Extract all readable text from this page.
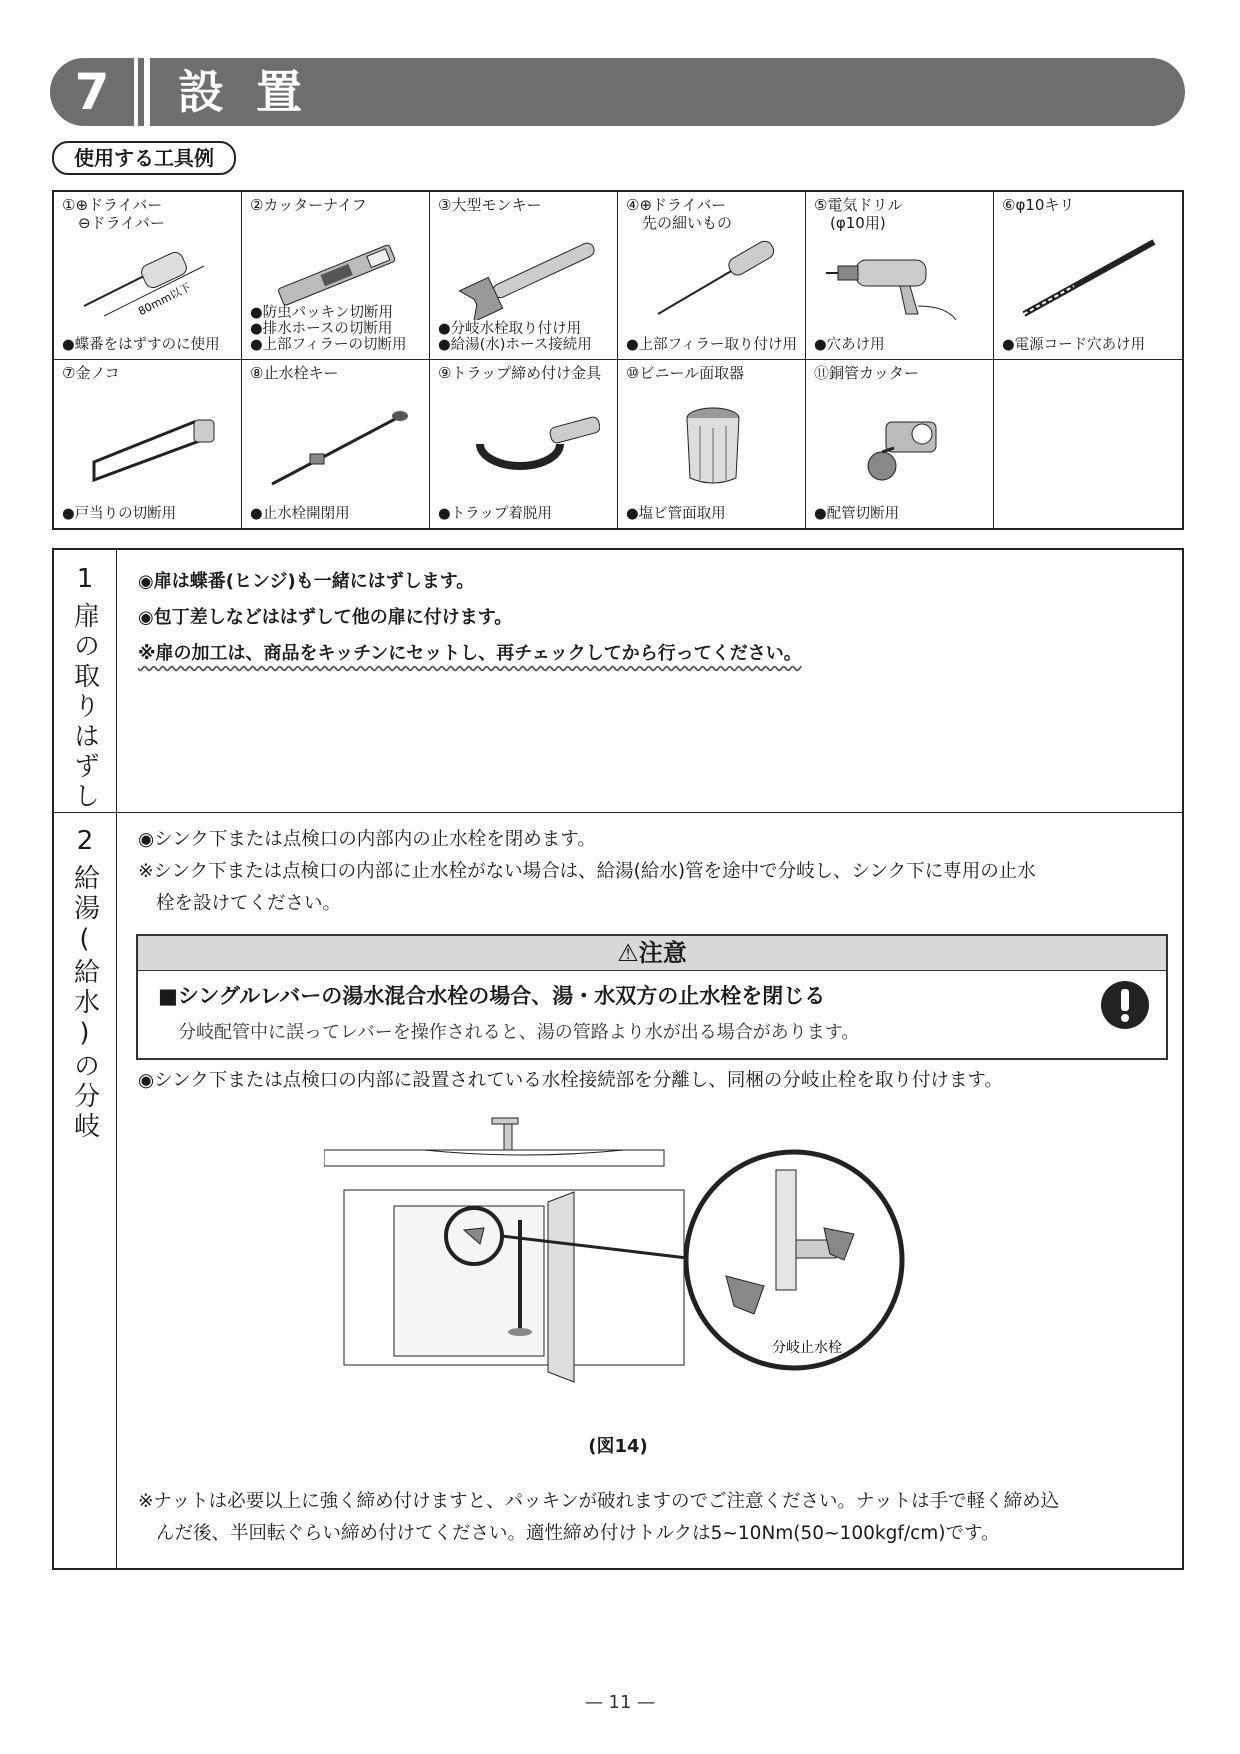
7	設置
使用する工具例
①⊕ドライバー
⊖ドライバー
80mm以下
●蝶番をはずすのに使用
②カッターナイフ
●防虫パッキン切断用
●排水ホースの切断用
●上部フィラーの切断用
③大型モンキー
●分岐水栓取り付け用
●給湯(水)ホース接続用
④⊕ドライバー
先の細いもの
●上部フィラー取り付け用
⑤電気ドリル
(φ10用)
●穴あけ用
⑥φ10キリ
●電源コード穴あけ用
⑦金ノコ
●戸当りの切断用
⑧止水栓キー
●止水栓開閉用
⑨トラップ締め付け金具
●トラップ着脱用
⑩ビニール面取器
●塩ビ管面取用
⑪銅管カッター
●配管切断用
1
扉の取りはずし
◉扉は蝶番(ヒンジ)も一緒にはずします。
◉包丁差しなどははずして他の扉に付けます。
※扉の加工は、商品をキッチンにセットし、再チェックしてから行ってください。
2
給湯(給水)の分岐
◉シンク下または点検口の内部内の止水栓を閉めます。
※シンク下または点検口の内部に止水栓がない場合は、給湯(給水)管を途中で分岐し、シンク下に専用の止水
栓を設けてください。
⚠注意
■シングルレバーの湯水混合水栓の場合、湯・水双方の止水栓を閉じる
分岐配管中に誤ってレバーを操作されると、湯の管路より水が出る場合があります。
◉シンク下または点検口の内部に設置されている水栓接続部を分離し、同梱の分岐止栓を取り付けます。
分岐止水栓
(図14)
※ナットは必要以上に強く締め付けますと、パッキンが破れますのでご注意ください。ナットは手で軽く締め込
んだ後、半回転ぐらい締め付けてください。適性締め付けトルクは5~10Nm(50~100kgf/cm)です。
— 11 —
